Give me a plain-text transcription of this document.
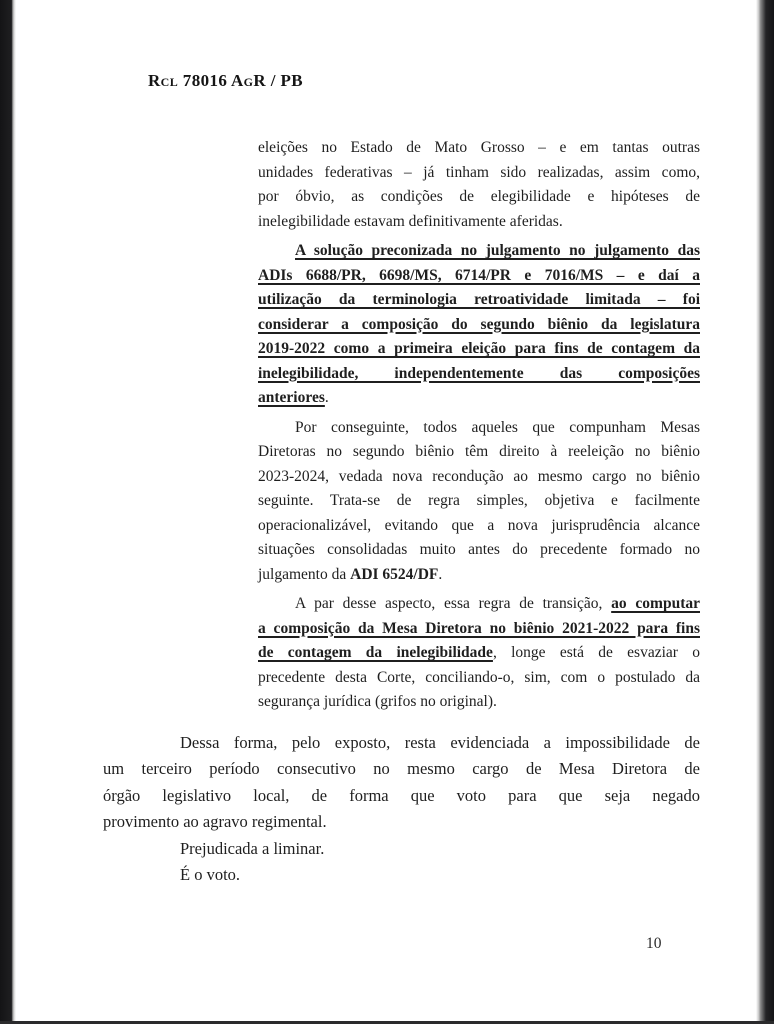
Rcl 78016 AgR / PB
eleições no Estado de Mato Grosso – e em tantas outras
unidades federativas – já tinham sido realizadas, assim como,
por óbvio, as condições de elegibilidade e hipóteses de
inelegibilidade estavam definitivamente aferidas.
A solução preconizada no julgamento no julgamento das
ADIs 6688/PR, 6698/MS, 6714/PR e 7016/MS – e daí a
utilização da terminologia retroatividade limitada – foi
considerar a composição do segundo biênio da legislatura
2019-2022 como a primeira eleição para fins de contagem da
inelegibilidade, independentemente das composições
anteriores.
Por conseguinte, todos aqueles que compunham Mesas
Diretoras no segundo biênio têm direito à reeleição no biênio
2023-2024, vedada nova recondução ao mesmo cargo no biênio
seguinte. Trata-se de regra simples, objetiva e facilmente
operacionalizável, evitando que a nova jurisprudência alcance
situações consolidadas muito antes do precedente formado no
julgamento da ADI 6524/DF.
A par desse aspecto, essa regra de transição, ao computar
a composição da Mesa Diretora no biênio 2021-2022 para fins
de contagem da inelegibilidade, longe está de esvaziar o
precedente desta Corte, conciliando-o, sim, com o postulado da
segurança jurídica (grifos no original).
Dessa forma, pelo exposto, resta evidenciada a impossibilidade de
um terceiro período consecutivo no mesmo cargo de Mesa Diretora de
órgão legislativo local, de forma que voto para que seja negado
provimento ao agravo regimental.
Prejudicada a liminar.
É o voto.
10
